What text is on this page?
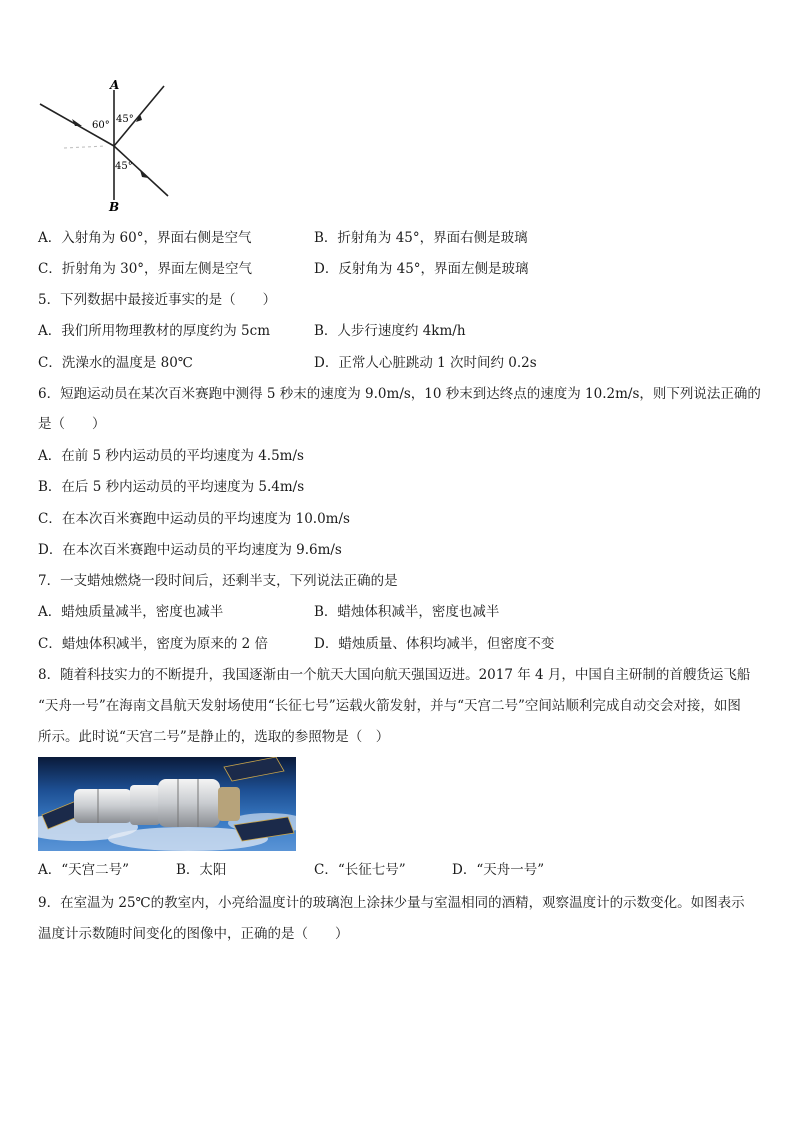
A
B
60°
45°
45°
A．入射角为 60°，界面右侧是空气	B．折射角为 45°，界面右侧是玻璃
C．折射角为 30°，界面左侧是空气	D．反射角为 45°，界面左侧是玻璃
5．下列数据中最接近事实的是（　　）
A．我们所用物理教材的厚度约为 5cm	B．人步行速度约 4km/h
C．洗澡水的温度是 80℃	D．正常人心脏跳动 1 次时间约 0.2s
6．短跑运动员在某次百米赛跑中测得 5 秒末的速度为 9.0m/s，10 秒末到达终点的速度为 10.2m/s，则下列说法正确的
是（　　）
A．在前 5 秒内运动员的平均速度为 4.5m/s
B．在后 5 秒内运动员的平均速度为 5.4m/s
C．在本次百米赛跑中运动员的平均速度为 10.0m/s
D．在本次百米赛跑中运动员的平均速度为 9.6m/s
7．一支蜡烛燃烧一段时间后，还剩半支，下列说法正确的是
A．蜡烛质量减半，密度也减半	B．蜡烛体积减半，密度也减半
C．蜡烛体积减半，密度为原来的 2 倍	D．蜡烛质量、体积均减半，但密度不变
8．随着科技实力的不断提升，我国逐渐由一个航天大国向航天强国迈进。2017 年 4 月，中国自主研制的首艘货运飞船
“天舟一号”在海南文昌航天发射场使用“长征七号”运载火箭发射，并与“天宫二号”空间站顺利完成自动交会对接，如图
所示。此时说“天宫二号”是静止的，选取的参照物是（　）
A．“天宫二号”	B．太阳	C．“长征七号”	D．“天舟一号”
9．在室温为 25℃的教室内，小亮给温度计的玻璃泡上涂抹少量与室温相同的酒精，观察温度计的示数变化。如图表示
温度计示数随时间变化的图像中，正确的是（　　）
